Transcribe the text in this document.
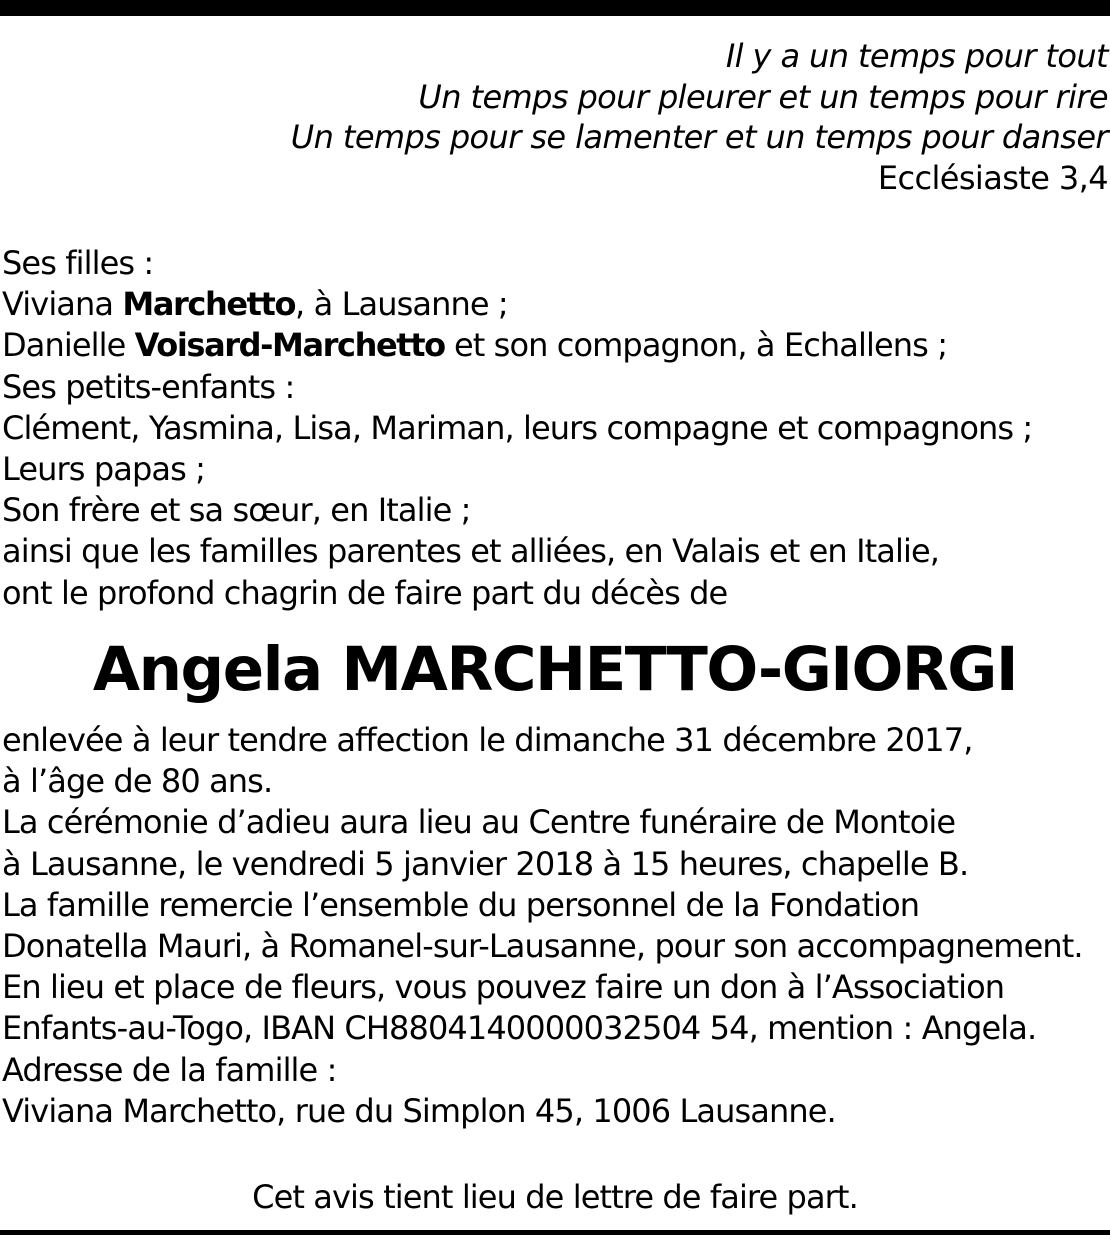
Il y a un temps pour tout
Un temps pour pleurer et un temps pour rire
Un temps pour se lamenter et un temps pour danser
Ecclésiaste 3,4
Ses filles :
Viviana Marchetto, à Lausanne ;
Danielle Voisard-Marchetto et son compagnon, à Echallens ;
Ses petits-enfants :
Clément, Yasmina, Lisa, Mariman, leurs compagne et compagnons ;
Leurs papas ;
Son frère et sa sœur, en Italie ;
ainsi que les familles parentes et alliées, en Valais et en Italie,
ont le profond chagrin de faire part du décès de
Angela MARCHETTO-GIORGI
enlevée à leur tendre affection le dimanche 31 décembre 2017,
à l’âge de 80 ans.
La cérémonie d’adieu aura lieu au Centre funéraire de Montoie
à Lausanne, le vendredi 5 janvier 2018 à 15 heures, chapelle B.
La famille remercie l’ensemble du personnel de la Fondation
Donatella Mauri, à Romanel-sur-Lausanne, pour son accompagnement.
En lieu et place de fleurs, vous pouvez faire un don à l’Association
Enfants-au-Togo, IBAN CH8804140000032504 54, mention : Angela.
Adresse de la famille :
Viviana Marchetto, rue du Simplon 45, 1006 Lausanne.
Cet avis tient lieu de lettre de faire part.
